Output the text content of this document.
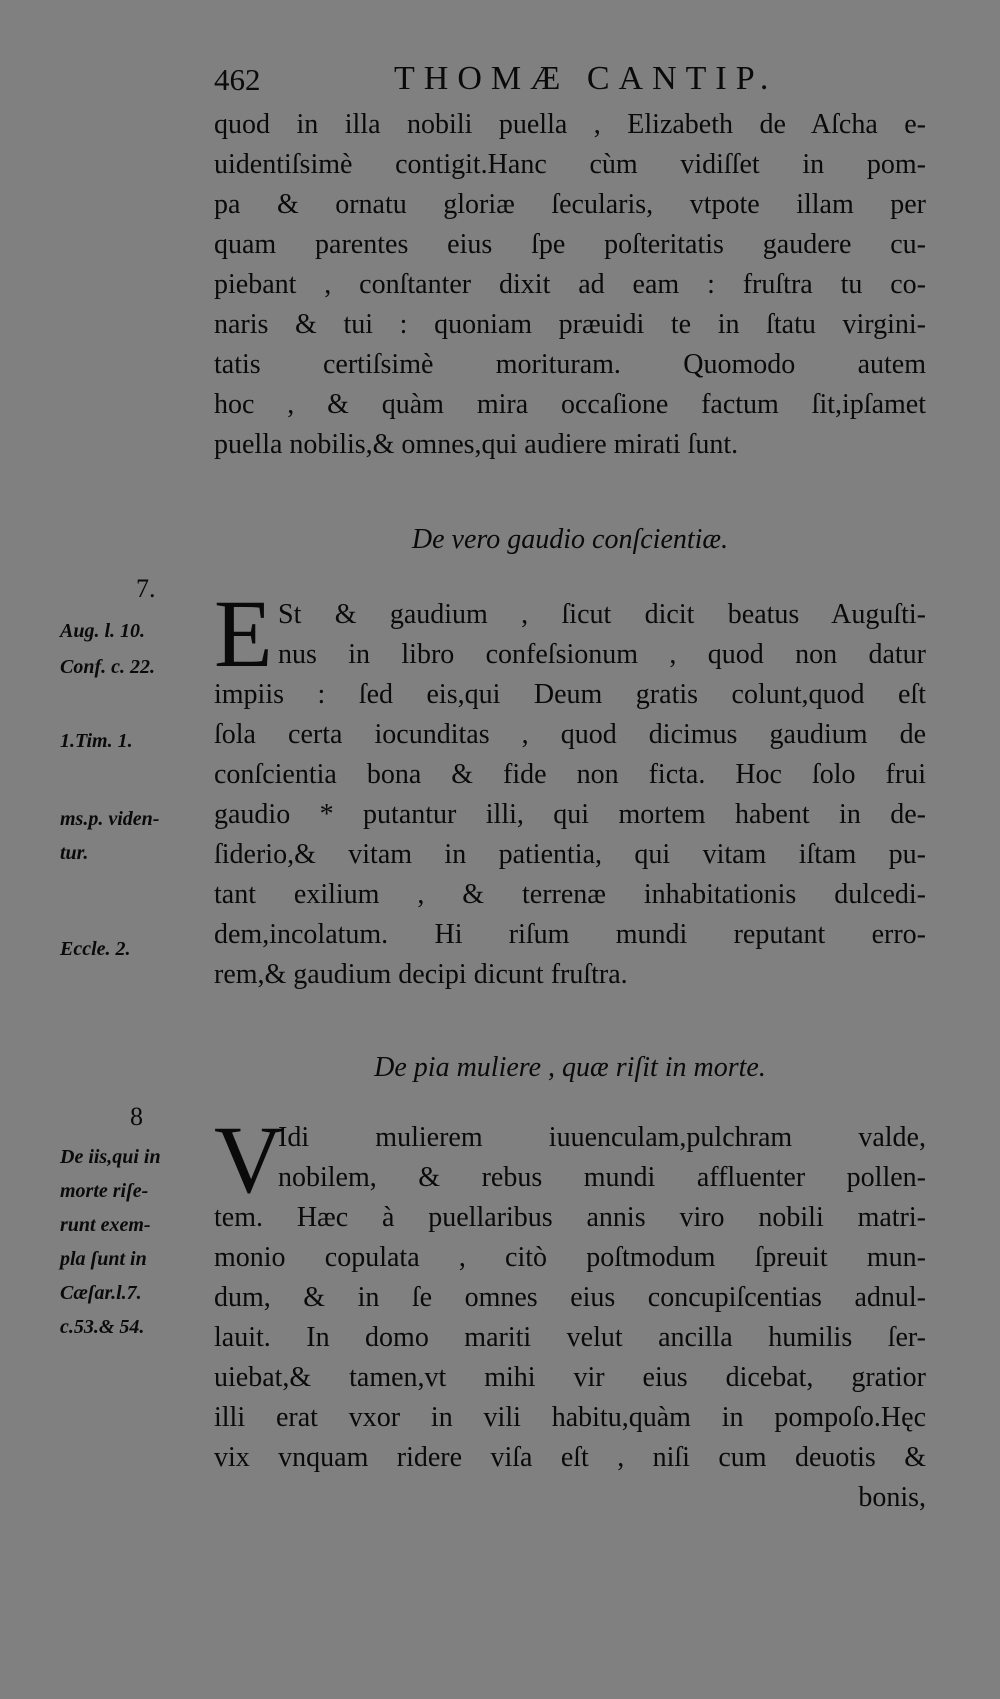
462	THOMÆ CANTIP.
quod in illa nobili puella , Elizabeth de Aſcha e-
uidentiſsimè contigit.Hanc cùm vidiſſet in pom-
pa & ornatu gloriæ ſecularis, vtpote illam per
quam parentes eius ſpe poſteritatis gaudere cu-
piebant , conſtanter dixit ad eam : fruſtra tu co-
naris & tui : quoniam præuidi te in ſtatu virgini-
tatis certiſsimè morituram. Quomodo autem
hoc , & quàm mira occaſione factum ſit,ipſamet
puella nobilis,& omnes,qui audiere mirati ſunt.
De vero gaudio conſcientiæ.
7. E St & gaudium , ſicut dicit beatus Auguſti-
nus in libro confeſsionum , quod non datur
impiis : ſed eis,qui Deum gratis colunt,quod eſt
ſola certa iocunditas , quod dicimus gaudium de
conſcientia bona & fide non ficta. Hoc ſolo frui
gaudio * putantur illi, qui mortem habent in de-
ſiderio,& vitam in patientia, qui vitam iſtam pu-
tant exilium , & terrenæ inhabitationis dulcedi-
dem,incolatum. Hi riſum mundi reputant erro-
rem,& gaudium decipi dicunt fruſtra.
Aug. l. 10.
Conf. c. 22.
1.Tim. 1.
ms.p. viden-
tur.
Eccle. 2.
De pia muliere , quæ riſit in morte.
8 V
Idi mulierem iuuenculam,pulchram valde,
nobilem, & rebus mundi affluenter pollen-
tem. Hæc à puellaribus annis viro nobili matri-
monio copulata , citò poſtmodum ſpreuit mun-
dum, & in ſe omnes eius concupiſcentias adnul-
lauit. In domo mariti velut ancilla humilis ſer-
uiebat,& tamen,vt mihi vir eius dicebat, gratior
illi erat vxor in vili habitu,quàm in pompoſo.Hęc
vix vnquam ridere viſa eſt , niſi cum deuotis &
bonis,
De iis,qui in
morte riſe-
runt exem-
pla ſunt in
Cæſar.l.7.
c.53.& 54.
